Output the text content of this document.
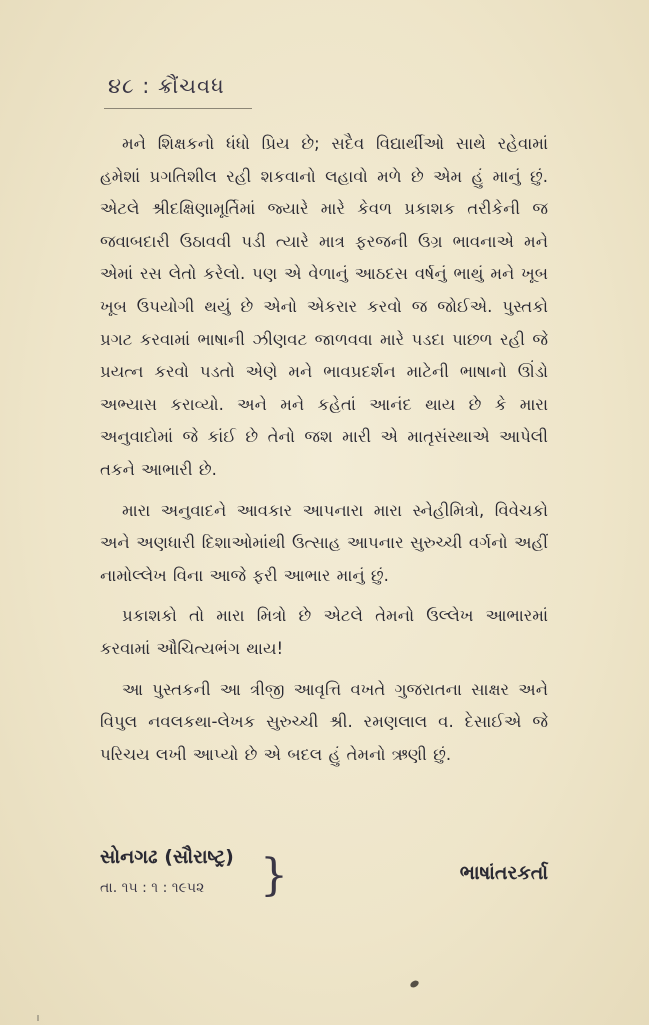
૪૮ : ક્રૌંચવધ

મને શિક્ષકનો ધંધો પ્રિય છે; સદૈવ વિદ્યાર્થીઓ સાથે રહેવામાં હમેશાં પ્રગતિશીલ રહી શકવાનો લહાવો મળે છે એમ હું માનું છું. એટલે શ્રીદક્ષિણામૂર્તિમાં જ્યારે મારે કેવળ પ્રકાશક તરીકેની જ જવાબદારી ઉઠાવવી પડી ત્યારે માત્ર ફરજની ઉગ્ર ભાવનાએ મને એમાં રસ લેતો કરેલો. પણ એ વેળાનું આઠદસ વર્ષનું ભાથું મને ખૂબ ખૂબ ઉપયોગી થયું છે એનો એકરાર કરવો જ જોઈએ. પુસ્તકો પ્રગટ કરવામાં ભાષાની ઝીણવટ જાળવવા મારે પડદા પાછળ રહી જે પ્રયત્ન કરવો પડતો એણે મને ભાવપ્રદર્શન માટેની ભાષાનો ઊંડો અભ્યાસ કરાવ્યો. અને મને કહેતાં આનંદ થાય છે કે મારા અનુવાદોમાં જે કાંઈ છે તેનો જશ મારી એ માતૃસંસ્થાએ આપેલી તકને આભારી છે.

મારા અનુવાદને આવકાર આપનારા મારા સ્નેહીમિત્રો, વિવેચકો અને અણધારી દિશાઓમાંથી ઉત્સાહ આપનાર સુરુચ્ચી વર્ગનો અહીં નામોલ્લેખ વિના આજે ફરી આભાર માનું છું.

પ્રકાશકો તો મારા મિત્રો છે એટલે તેમનો ઉલ્લેખ આભારમાં કરવામાં ઔચિત્યભંગ થાય!

આ પુસ્તકની આ ત્રીજી આવૃત્તિ વખતે ગુજરાતના સાક્ષર અને વિપુલ નવલકથા-લેખક સુરુચ્ચી શ્રી. રમણલાલ વ. દેસાઈએ જે પરિચય લખી આપ્યો છે એ બદલ હું તેમનો ઋણી છું.

સોનગઢ (સૌરાષ્ટ્ર)
તા. ૧૫ : ૧ : ૧૯૫૨ }	ભાષાંતરકર્તા
